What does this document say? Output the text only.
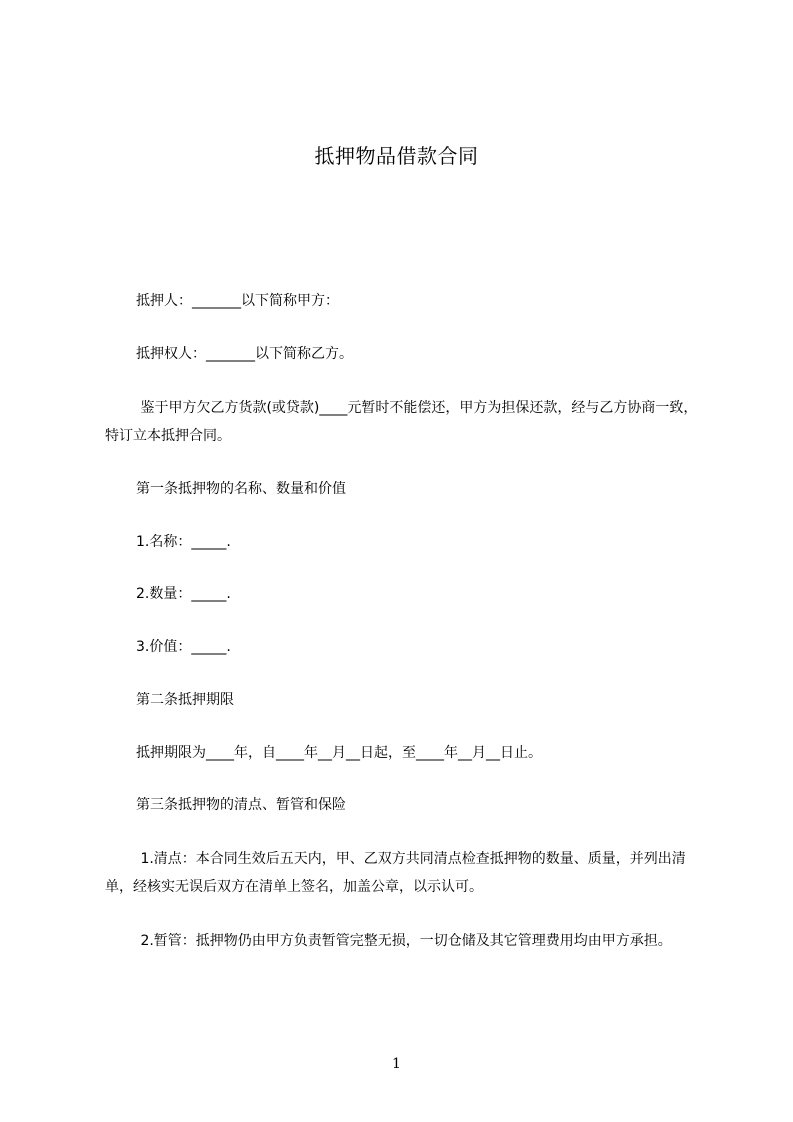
抵押物品借款合同
抵押人：_______以下简称甲方：
抵押权人：_______以下简称乙方。
鉴于甲方欠乙方货款(或贷款)____元暂时不能偿还，甲方为担保还款，经与乙方协商一致，特订立本抵押合同。
第一条抵押物的名称、数量和价值
1.名称：_____.
2.数量：_____.
3.价值：_____.
第二条抵押期限
抵押期限为____年，自____年__月__日起，至____年__月__日止。
第三条抵押物的清点、暂管和保险
1.清点：本合同生效后五天内，甲、乙双方共同清点检查抵押物的数量、质量，并列出清单，经核实无误后双方在清单上签名，加盖公章，以示认可。
2.暂管：抵押物仍由甲方负责暂管完整无损，一切仓储及其它管理费用均由甲方承担。
1
